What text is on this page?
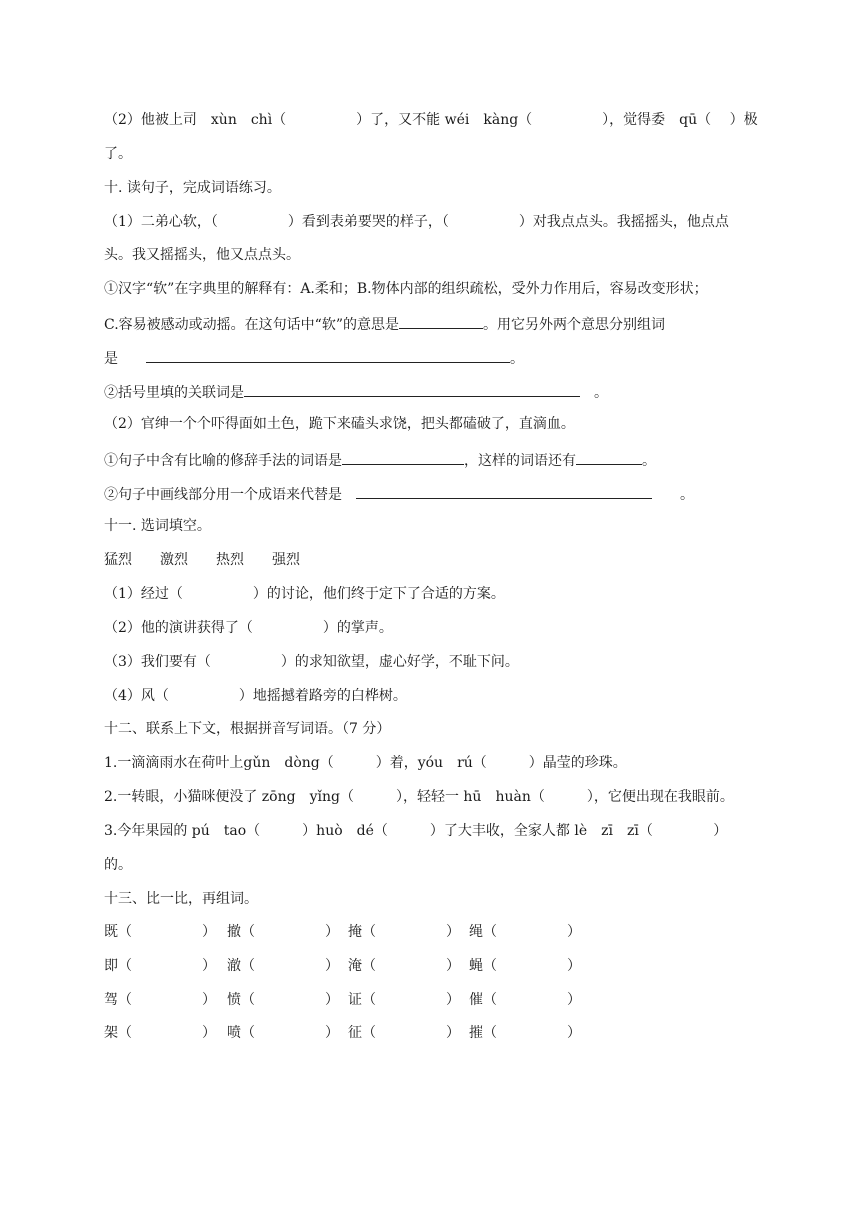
（2）他被上司　xùn　chì（　　　　　）了，又不能 wéi　kàng（　　　　　），觉得委　qū（　 ）极
了。
十. 读句子，完成词语练习。
（1）二弟心软，（　　　　　）看到表弟要哭的样子，（　　　　　）对我点点头。我摇摇头，他点点
头。我又摇摇头，他又点点头。
①汉字“软”在字典里的解释有：A.柔和；B.物体内部的组织疏松，受外力作用后，容易改变形状；
C.容易被感动或动摇。在这句话中“软”的意思是	。用它另外两个意思分别组词
是　　	。
②括号里填的关联词是	　。
（2）官绅一个个吓得面如土色，跪下来磕头求饶，把头都磕破了，直滴血。
①句子中含有比喻的修辞手法的词语是	，这样的词语还有	。
②句子中画线部分用一个成语来代替是　	　　。
十一. 选词填空。
猛烈　　激烈　　热烈　　强烈
（1）经过（　　　　　）的讨论，他们终于定下了合适的方案。
（2）他的演讲获得了（　　　　　）的掌声。
（3）我们要有（　　　　　）的求知欲望，虚心好学，不耻下问。
（4）风（　　　　　）地摇撼着路旁的白桦树。
十二、联系上下文，根据拼音写词语。（7 分）
1.一滴滴雨水在荷叶上gǔn　dòng（　　　）着，yóu　rú（　　　）晶莹的珍珠。
2.一转眼，小猫咪便没了 zōng　yǐng（　　　），轻轻一 hū　huàn（　　　），它便出现在我眼前。
3.今年果园的 pú　tao（　　　）huò　dé（　　　）了大丰收，全家人都 lè　zī　zī（　　　　 ）
的。
十三、比一比，再组词。
既（　　　　　） 撤（　　　　　） 掩（　　　　　） 绳（　　　　　）
即（　　　　　） 澈（　　　　　） 淹（　　　　　） 蝇（　　　　　）
驾（　　　　　） 愤（　　　　　） 证（　　　　　） 催（　　　　　）
架（　　　　　） 喷（　　　　　） 征（　　　　　） 摧（　　　　　）
